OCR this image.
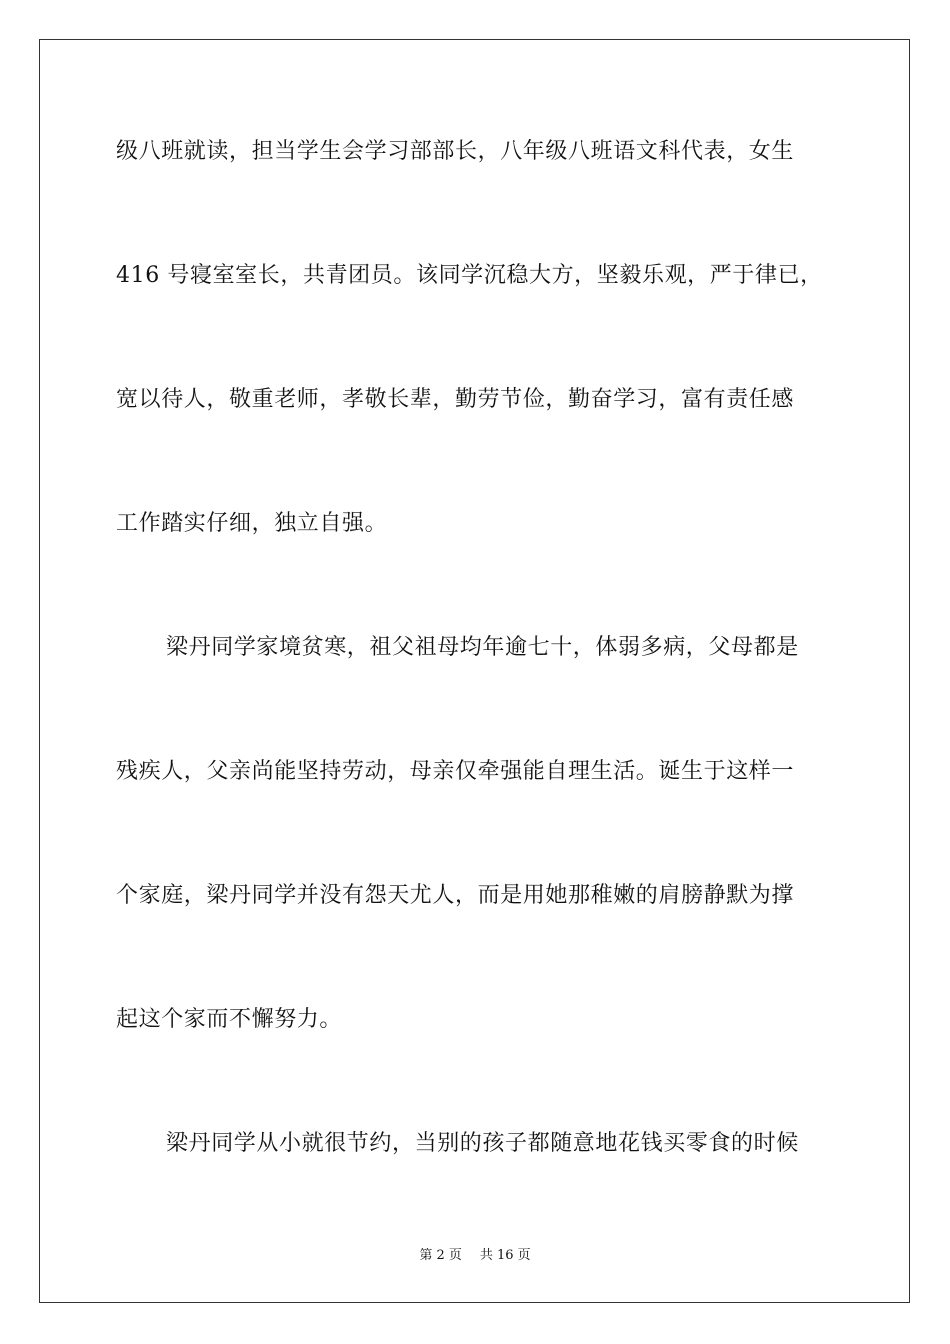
级八班就读，担当学生会学习部部长，八年级八班语文科代表，女生
416 号寝室室长，共青团员。该同学沉稳大方，坚毅乐观，严于律已，
宽以待人，敬重老师，孝敬长辈，勤劳节俭，勤奋学习，富有责任感
工作踏实仔细，独立自强。
梁丹同学家境贫寒，祖父祖母均年逾七十，体弱多病，父母都是
残疾人，父亲尚能坚持劳动，母亲仅牵强能自理生活。诞生于这样一
个家庭，梁丹同学并没有怨天尤人，而是用她那稚嫩的肩膀静默为撑
起这个家而不懈努力。
梁丹同学从小就很节约，当别的孩子都随意地花钱买零食的时候
第 2 页 共 16 页
